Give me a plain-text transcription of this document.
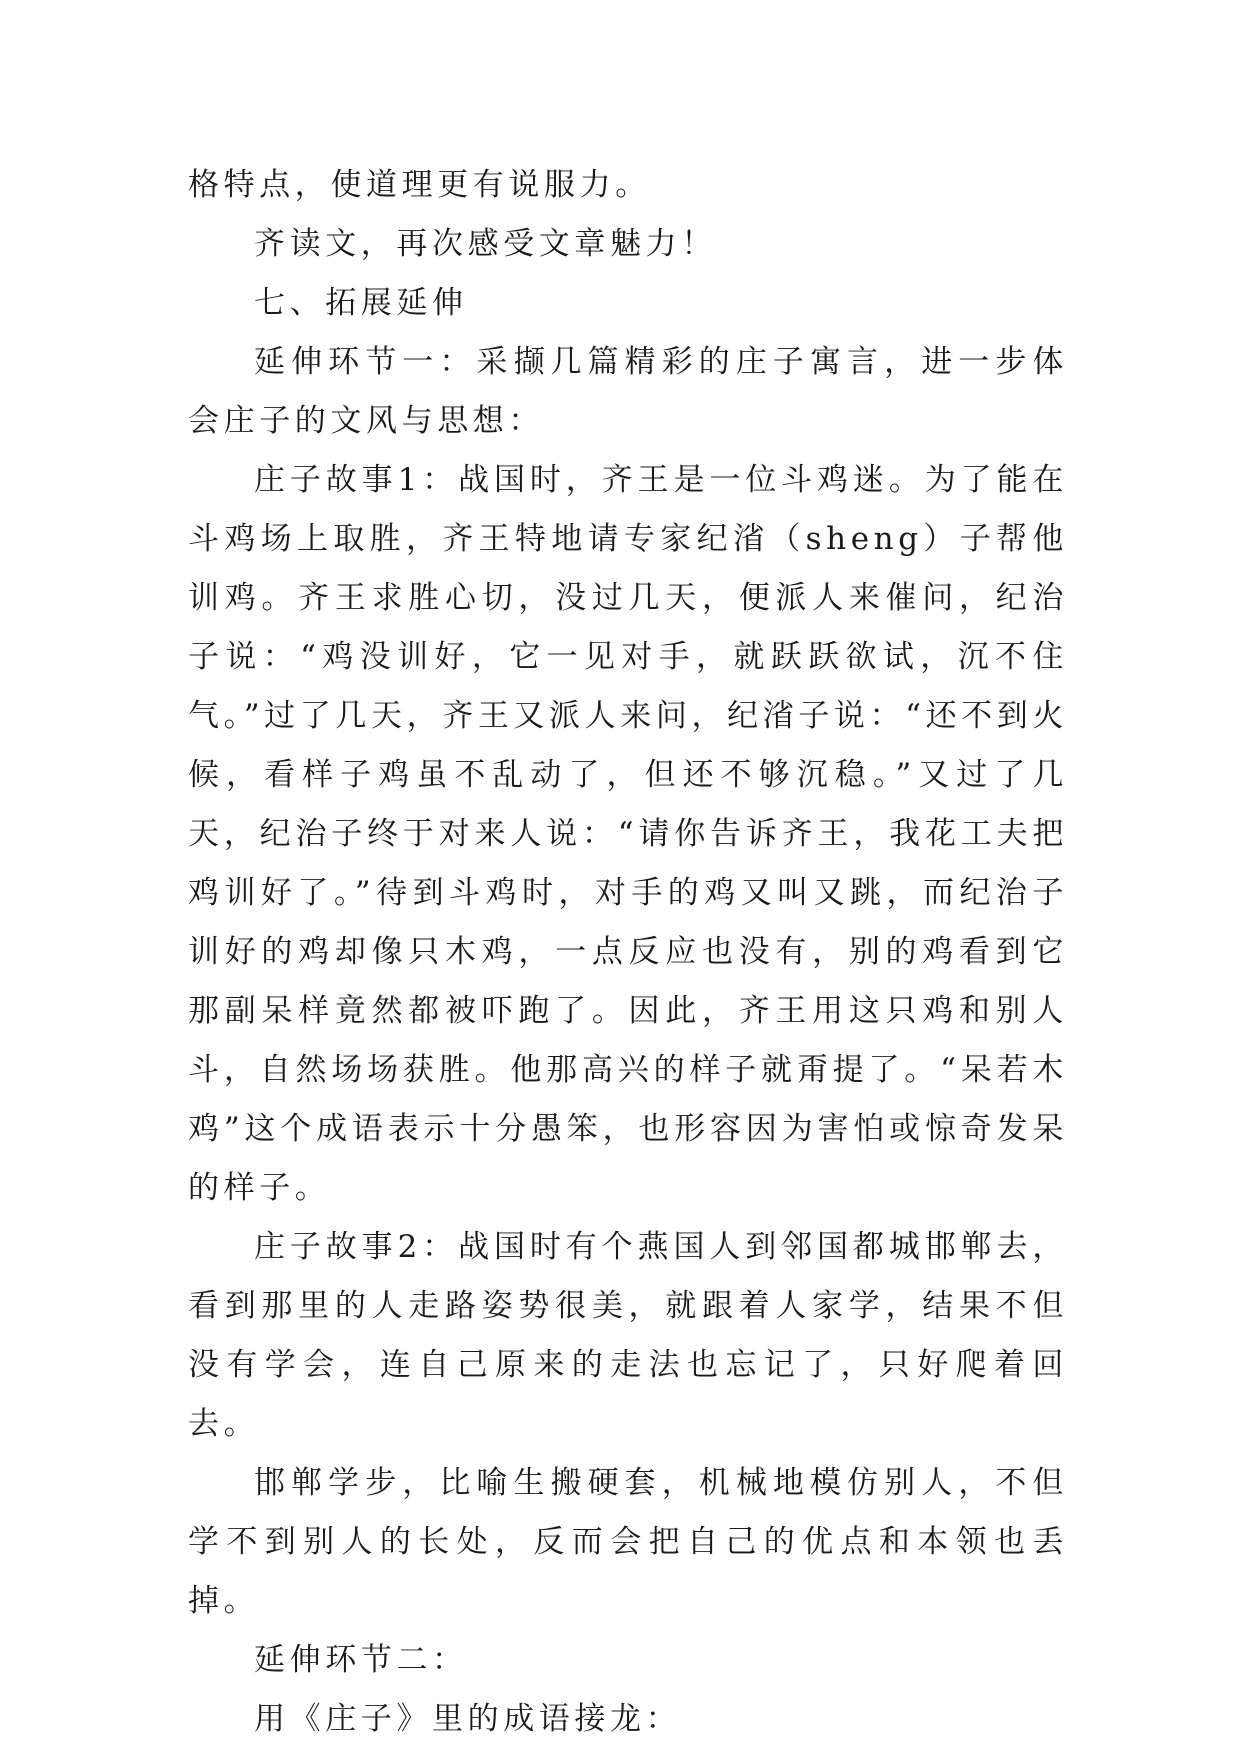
格特点，使道理更有说服力。

齐读文，再次感受文章魅力！

七、拓展延伸

延伸环节一：采撷几篇精彩的庄子寓言，进一步体会庄子的文风与思想：

庄子故事1：战国时，齐王是一位斗鸡迷。为了能在斗鸡场上取胜，齐王特地请专家纪渻（sheng）子帮他训鸡。齐王求胜心切，没过几天，便派人来催问，纪治子说：“鸡没训好，它一见对手，就跃跃欲试，沉不住气。”过了几天，齐王又派人来问，纪渻子说：“还不到火候，看样子鸡虽不乱动了，但还不够沉稳。”又过了几天，纪治子终于对来人说：“请你告诉齐王，我花工夫把鸡训好了。”待到斗鸡时，对手的鸡又叫又跳，而纪治子训好的鸡却像只木鸡，一点反应也没有，别的鸡看到它那副呆样竟然都被吓跑了。因此，齐王用这只鸡和别人斗，自然场场获胜。他那高兴的样子就甭提了。“呆若木鸡”这个成语表示十分愚笨，也形容因为害怕或惊奇发呆的样子。

庄子故事2：战国时有个燕国人到邻国都城邯郸去，看到那里的人走路姿势很美，就跟着人家学，结果不但没有学会，连自己原来的走法也忘记了，只好爬着回去。

邯郸学步，比喻生搬硬套，机械地模仿别人，不但学不到别人的长处，反而会把自己的优点和本领也丢掉。

延伸环节二：

用《庄子》里的成语接龙：
